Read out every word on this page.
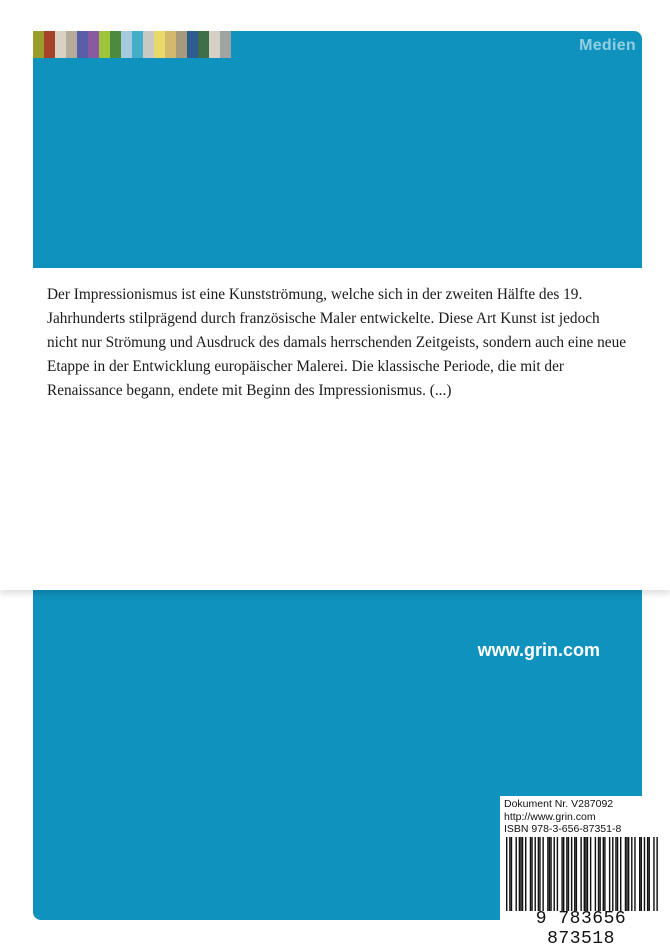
Medien
www.grin.com
Dokument Nr. V287092
http://www.grin.com
ISBN 978-3-656-87351-8
9 783656 873518

Der Impressionismus ist eine Kunstströmung, welche sich in der zweiten Hälfte des 19. Jahrhunderts stilprägend durch französische Maler entwickelte. Diese Art Kunst ist jedoch nicht nur Strömung und Ausdruck des damals herrschenden Zeitgeists, sondern auch eine neue Etappe in der Entwicklung europäischer Malerei. Die klassische Periode, die mit der Renaissance begann, endete mit Beginn des Impressionismus. (...)
